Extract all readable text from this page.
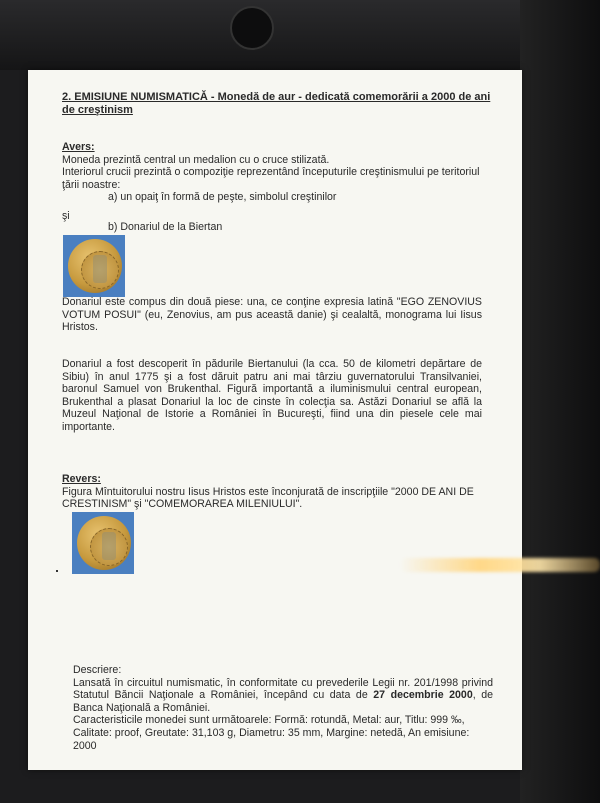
2. EMISIUNE NUMISMATICĂ - Monedă de aur - dedicată comemorării a 2000 de ani de creştinism
Avers:
Moneda prezintă central un medalion cu o cruce stilizată.
Interiorul crucii prezintă o compoziţie reprezentând începuturile creştinismului pe teritoriul ţării noastre:
a) un opaiţ în formă de peşte, simbolul creştinilor
şi
b) Donariul de la Biertan
Donariul este compus din două piese: una, ce conţine expresia latină "EGO ZENOVIUS VOTUM POSUI" (eu, Zenovius, am pus această danie) şi cealaltă, monograma lui Iisus Hristos.
Donariul a fost descoperit în pădurile Biertanului (la cca. 50 de kilometri depărtare de Sibiu) în anul 1775 şi a fost dăruit patru ani mai târziu guvernatorului Transilvaniei, baronul Samuel von Brukenthal. Figură importantă a iluminismului central european, Brukenthal a plasat Donariul la loc de cinste în colecţia sa. Astăzi Donariul se află la Muzeul Naţional de Istorie a României în Bucureşti, fiind una din piesele cele mai importante.
Revers:
Figura Mîntuitorului nostru Iisus Hristos este înconjurată de inscripţiile "2000 DE ANI DE CRESTINISM" şi "COMEMORAREA MILENIULUI".
Descriere:
Lansată în circuitul numismatic, în conformitate cu prevederile Legii nr. 201/1998 privind Statutul Băncii Naţionale a României, începând cu data de 27 decembrie 2000, de Banca Naţională a României.
Caracteristicile monedei sunt următoarele: Formă: rotundă, Metal: aur, Titlu: 999 ‰, Calitate: proof, Greutate: 31,103 g, Diametru: 35 mm, Margine: netedă, An emisiune: 2000
